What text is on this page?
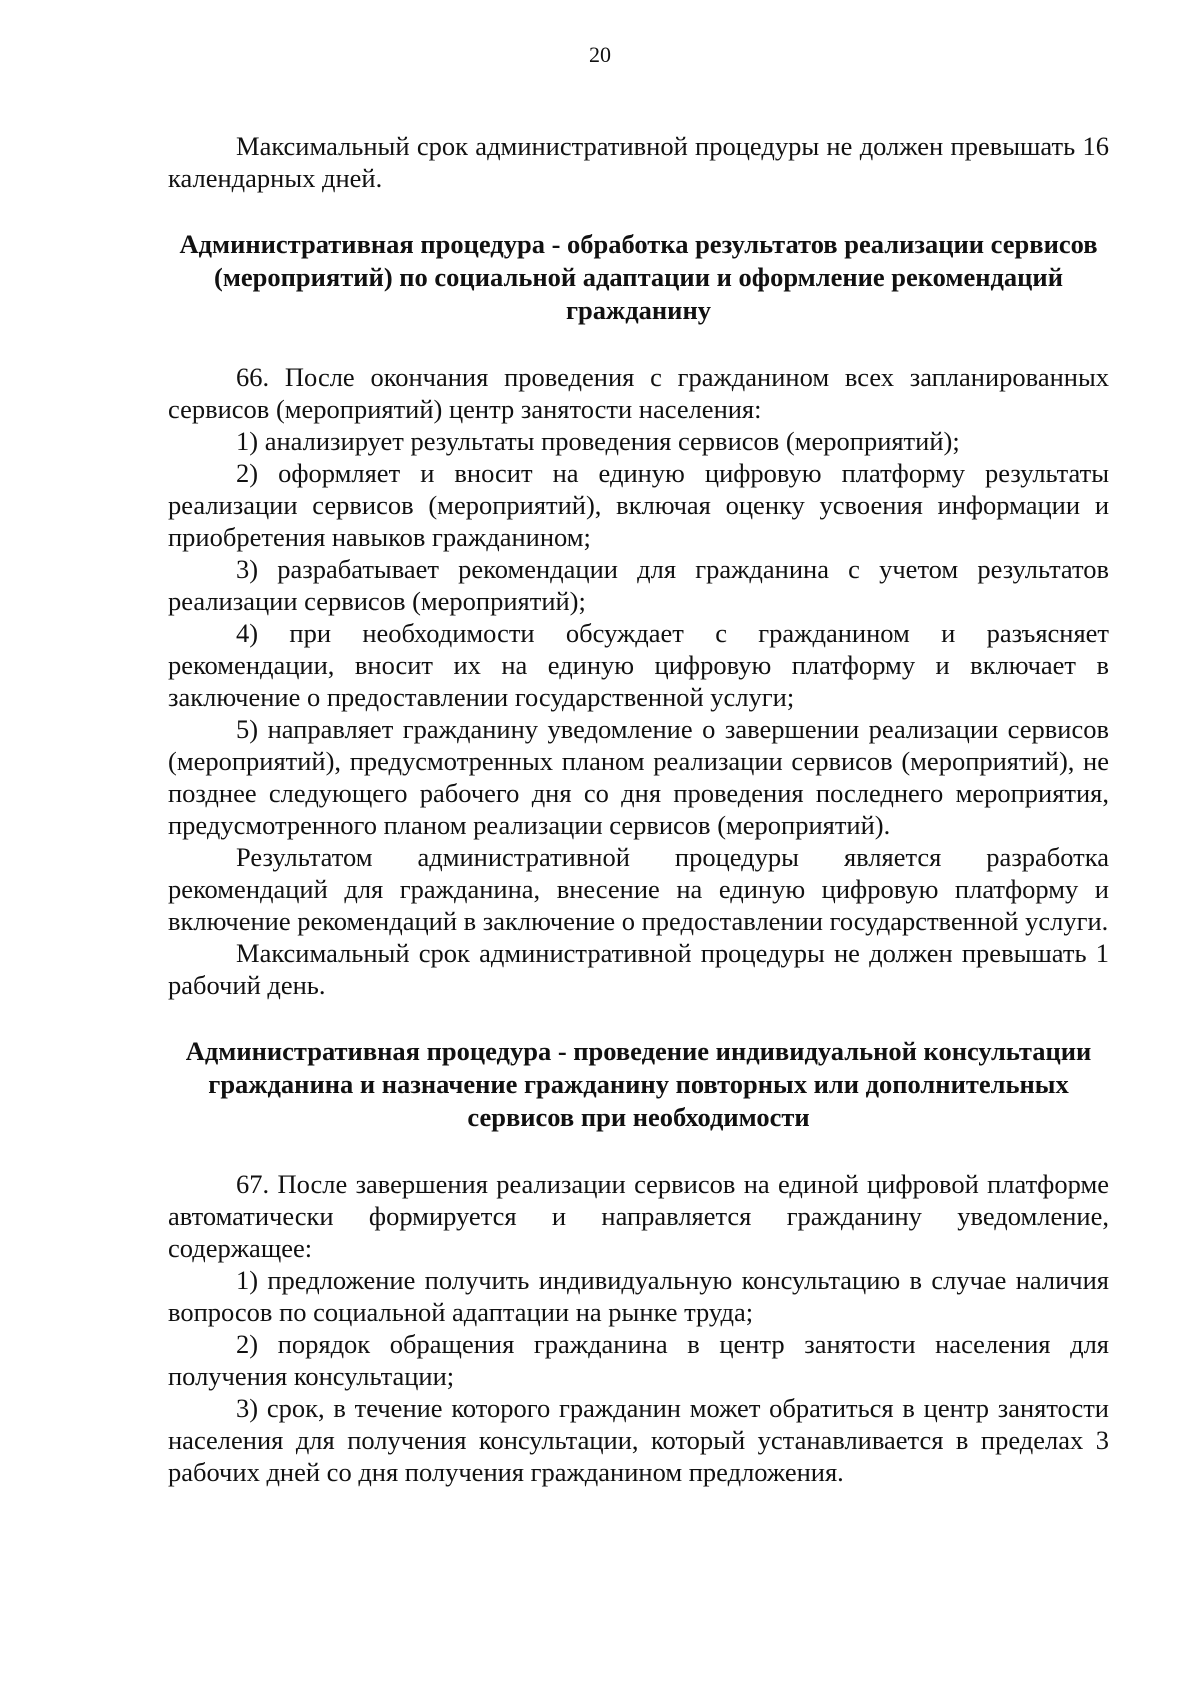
20

Максимальный срок административной процедуры не должен превышать 16 календарных дней.

Административная процедура - обработка результатов реализации сервисов (мероприятий) по социальной адаптации и оформление рекомендаций гражданину

66. После окончания проведения с гражданином всех запланированных сервисов (мероприятий) центр занятости населения:

1) анализирует результаты проведения сервисов (мероприятий);

2) оформляет и вносит на единую цифровую платформу результаты реализации сервисов (мероприятий), включая оценку усвоения информации и приобретения навыков гражданином;

3) разрабатывает рекомендации для гражданина с учетом результатов реализации сервисов (мероприятий);

4) при необходимости обсуждает с гражданином и разъясняет рекомендации, вносит их на единую цифровую платформу и включает в заключение о предоставлении государственной услуги;

5) направляет гражданину уведомление о завершении реализации сервисов (мероприятий), предусмотренных планом реализации сервисов (мероприятий), не позднее следующего рабочего дня со дня проведения последнего мероприятия, предусмотренного планом реализации сервисов (мероприятий).

Результатом административной процедуры является разработка рекомендаций для гражданина, внесение на единую цифровую платформу и включение рекомендаций в заключение о предоставлении государственной услуги.

Максимальный срок административной процедуры не должен превышать 1 рабочий день.

Административная процедура - проведение индивидуальной консультации гражданина и назначение гражданину повторных или дополнительных сервисов при необходимости

67. После завершения реализации сервисов на единой цифровой платформе автоматически формируется и направляется гражданину уведомление, содержащее:

1) предложение получить индивидуальную консультацию в случае наличия вопросов по социальной адаптации на рынке труда;

2) порядок обращения гражданина в центр занятости населения для получения консультации;

3) срок, в течение которого гражданин может обратиться в центр занятости населения для получения консультации, который устанавливается в пределах 3 рабочих дней со дня получения гражданином предложения.
